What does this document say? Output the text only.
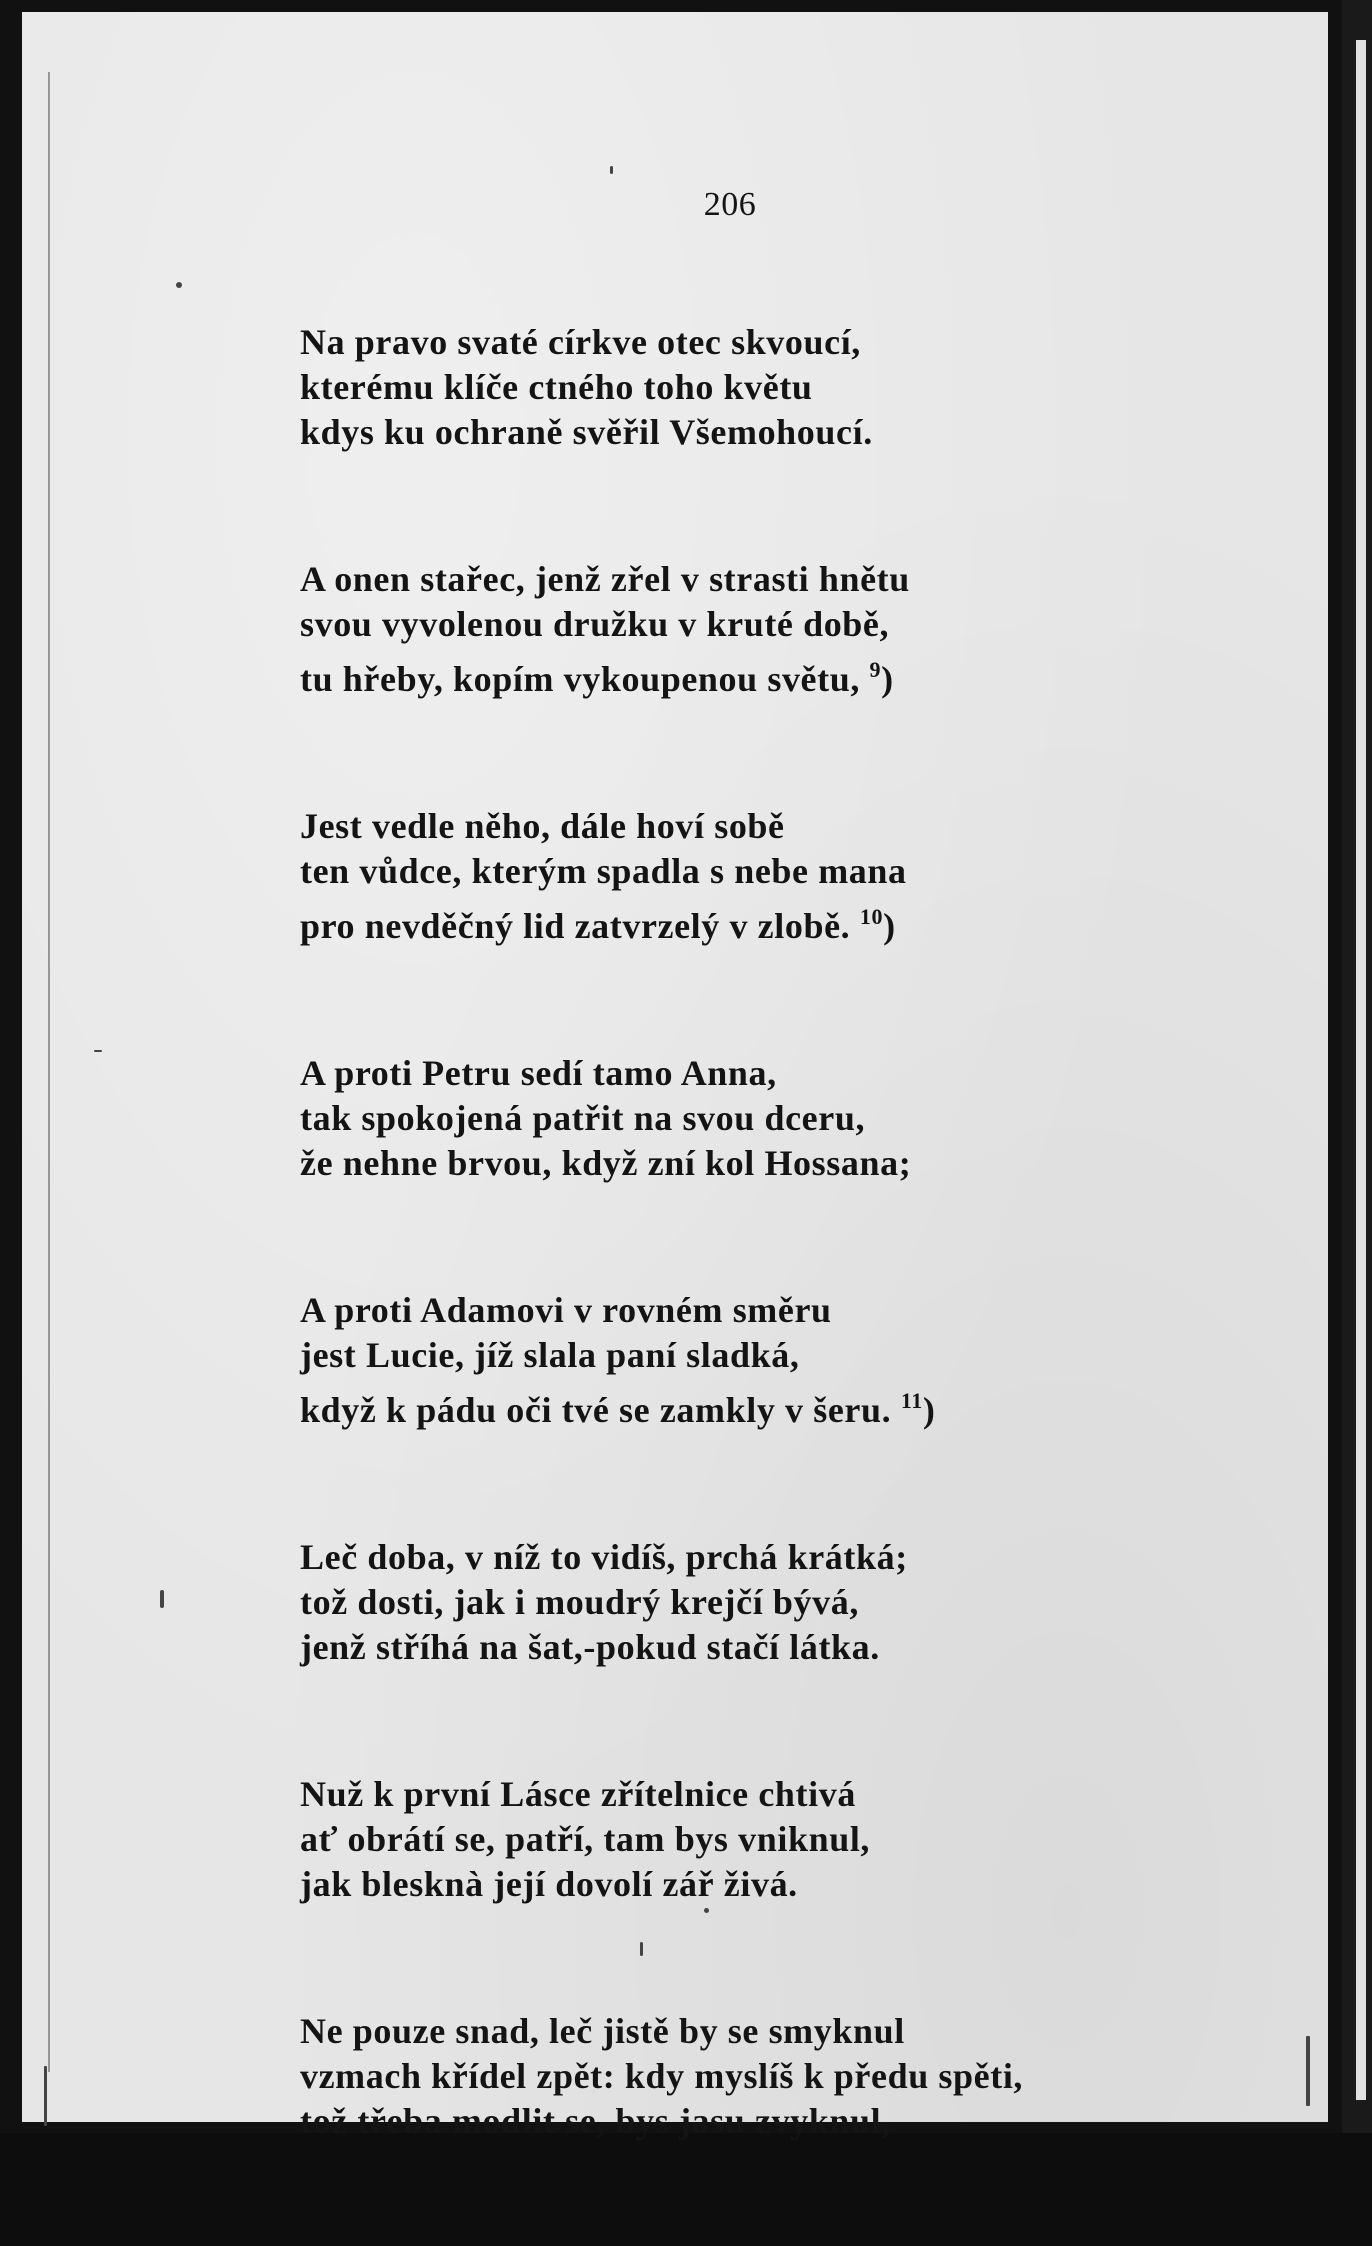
206
Na pravo svaté církve otec skvoucí,
kterému klíče ctného toho květu
kdys ku ochraně svěřil Všemohoucí.
A onen stařec, jenž zřel v strasti hnětu
svou vyvolenou družku v kruté době,
tu hřeby, kopím vykoupenou světu, $^9$)
Jest vedle něho, dále hoví sobě
ten vůdce, kterým spadla s nebe mana
pro nevděčný lid zatvrzelý v zlobě. $^{10}$)
A proti Petru sedí tamo Anna,
tak spokojená patřit na svou dceru,
že nehne brvou, když zní kol Hossana;
A proti Adamovi v rovném směru
jest Lucie, jíž slala paní sladká,
když k pádu oči tvé se zamkly v šeru. $^{11}$)
Leč doba, v níž to vidíš, prchá krátká;
tož dosti, jak i moudrý krejčí bývá,
jenž stříhá na šat,-pokud stačí látka.
Nuž k první Lásce zřítelnice chtivá
ať obrátí se, patří, tam bys vniknul,
jak blesknà její dovolí zář živá.
Ne pouze snad, leč jistě by se smyknul
vzmach křídel zpět: kdy myslíš k předu spěti,
tož třeba modlit se, bys jasu zvyknul,
